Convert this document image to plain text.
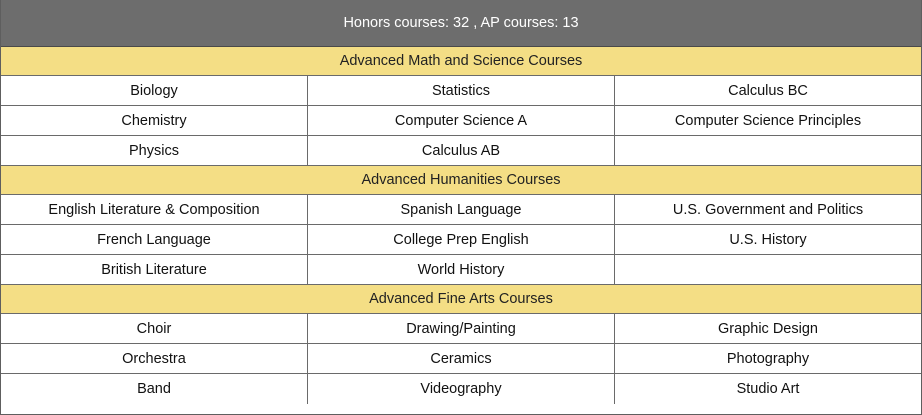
Honors courses: 32 , AP courses: 13
Advanced Math and Science Courses
Biology	Statistics	Calculus BC
Chemistry	Computer Science A	Computer Science Principles
Physics	Calculus AB
Advanced Humanities Courses
English Literature & Composition	Spanish Language	U.S. Government and Politics
French Language	College Prep English	U.S. History
British Literature	World History
Advanced Fine Arts Courses
Choir	Drawing/Painting	Graphic Design
Orchestra	Ceramics	Photography
Band	Videography	Studio Art
